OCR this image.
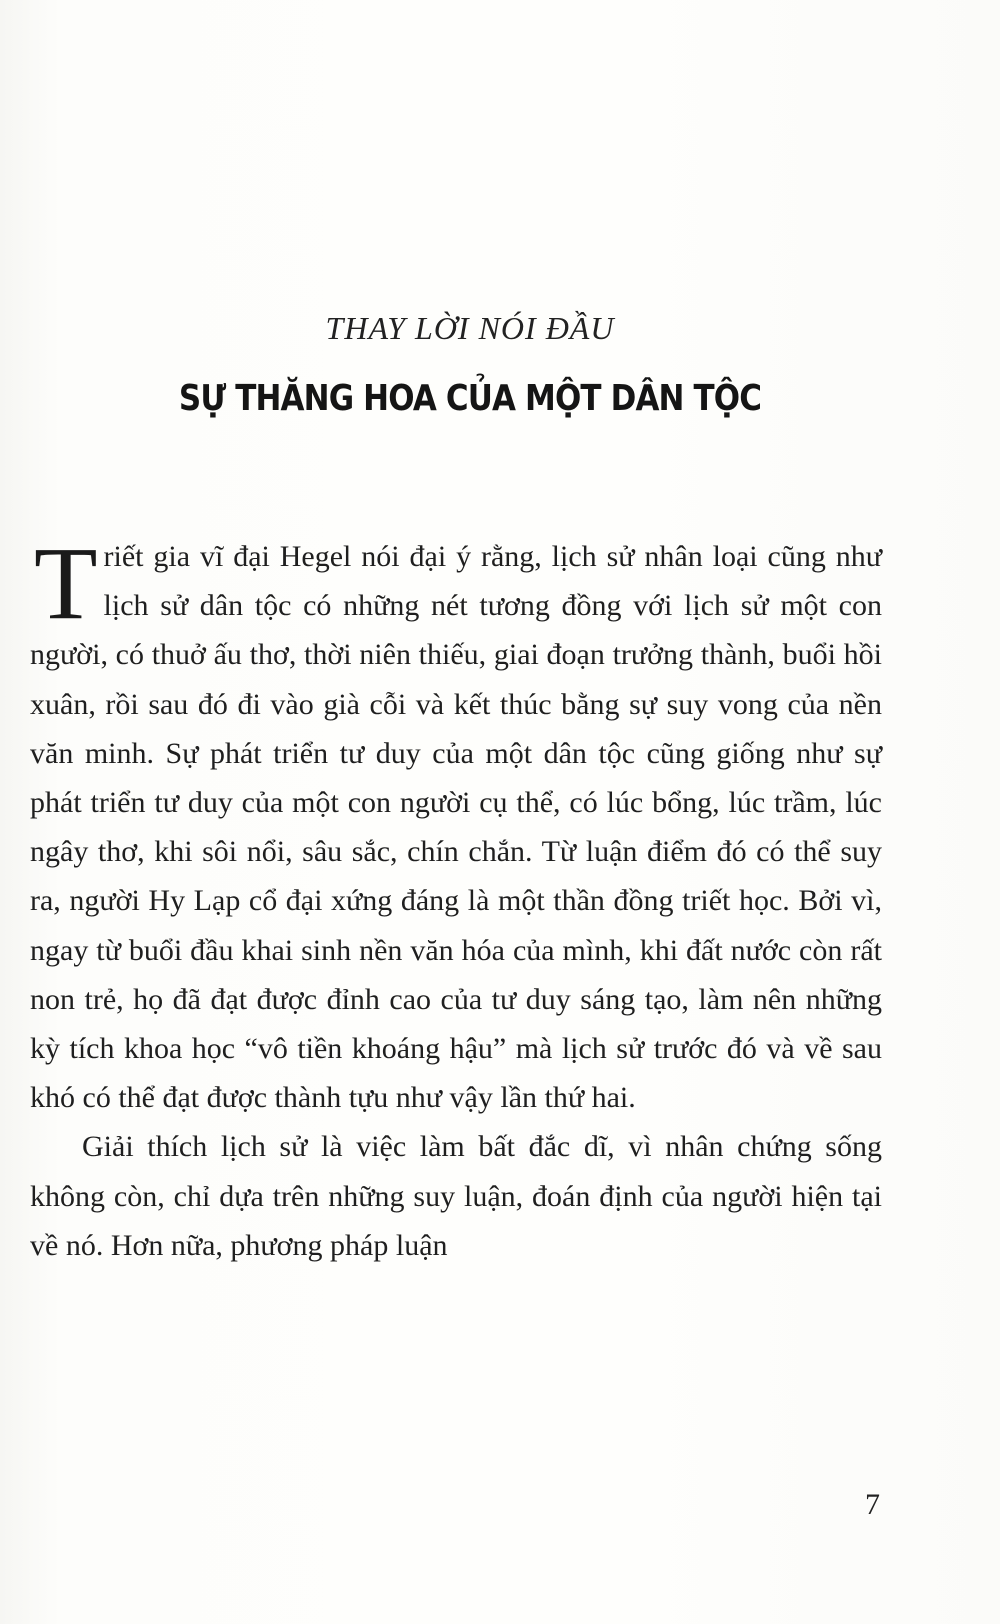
THAY LỜI NÓI ĐẦU
SỰ THĂNG HOA CỦA MỘT DÂN TỘC

Triết gia vĩ đại Hegel nói đại ý rằng, lịch sử nhân loại cũng như lịch sử dân tộc có những nét tương đồng với lịch sử một con người, có thuở ấu thơ, thời niên thiếu, giai đoạn trưởng thành, buổi hồi xuân, rồi sau đó đi vào già cỗi và kết thúc bằng sự suy vong của nền văn minh. Sự phát triển tư duy của một dân tộc cũng giống như sự phát triển tư duy của một con người cụ thể, có lúc bổng, lúc trầm, lúc ngây thơ, khi sôi nổi, sâu sắc, chín chắn. Từ luận điểm đó có thể suy ra, người Hy Lạp cổ đại xứng đáng là một thần đồng triết học. Bởi vì, ngay từ buổi đầu khai sinh nền văn hóa của mình, khi đất nước còn rất non trẻ, họ đã đạt được đỉnh cao của tư duy sáng tạo, làm nên những kỳ tích khoa học “vô tiền khoáng hậu” mà lịch sử trước đó và về sau khó có thể đạt được thành tựu như vậy lần thứ hai.

Giải thích lịch sử là việc làm bất đắc dĩ, vì nhân chứng sống không còn, chỉ dựa trên những suy luận, đoán định của người hiện tại về nó. Hơn nữa, phương pháp luận

7
